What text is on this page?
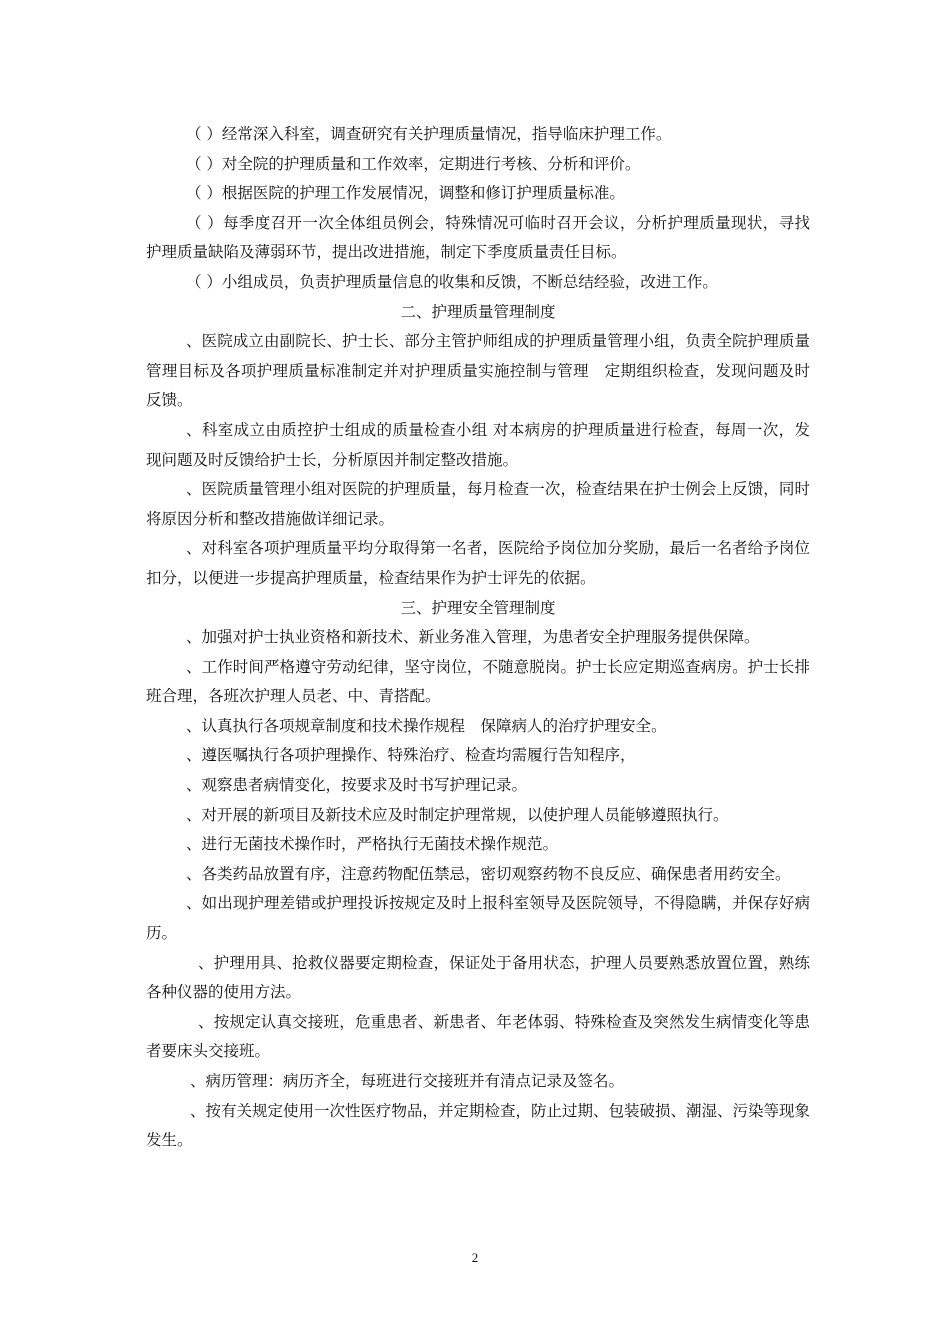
（ ）经常深入科室，调查研究有关护理质量情况，指导临床护理工作。

（ ）对全院的护理质量和工作效率，定期进行考核、分析和评价。

（ ）根据医院的护理工作发展情况，调整和修订护理质量标准。

（ ）每季度召开一次全体组员例会，特殊情况可临时召开会议，分析护理质量现状，寻找护理质量缺陷及薄弱环节，提出改进措施，制定下季度质量责任目标。

（ ）小组成员，负责护理质量信息的收集和反馈，不断总结经验，改进工作。

二、护理质量管理制度

、医院成立由副院长、护士长、部分主管护师组成的护理质量管理小组，负责全院护理质量管理目标及各项护理质量标准制定并对护理质量实施控制与管理　定期组织检查，发现问题及时反馈。

、科室成立由质控护士组成的质量检查小组 对本病房的护理质量进行检查，每周一次，发现问题及时反馈给护士长，分析原因并制定整改措施。

、医院质量管理小组对医院的护理质量，每月检查一次，检查结果在护士例会上反馈，同时将原因分析和整改措施做详细记录。

、对科室各项护理质量平均分取得第一名者，医院给予岗位加分奖励，最后一名者给予岗位扣分，以便进一步提高护理质量，检查结果作为护士评先的依据。

三、护理安全管理制度

、加强对护士执业资格和新技术、新业务准入管理，为患者安全护理服务提供保障。

、工作时间严格遵守劳动纪律，坚守岗位，不随意脱岗。护士长应定期巡查病房。护士长排班合理，各班次护理人员老、中、青搭配。

、认真执行各项规章制度和技术操作规程　保障病人的治疗护理安全。

、遵医嘱执行各项护理操作、特殊治疗、检查均需履行告知程序，

、观察患者病情变化，按要求及时书写护理记录。

、对开展的新项目及新技术应及时制定护理常规，以使护理人员能够遵照执行。

、进行无菌技术操作时，严格执行无菌技术操作规范。

、各类药品放置有序，注意药物配伍禁忌，密切观察药物不良反应、确保患者用药安全。

、如出现护理差错或护理投诉按规定及时上报科室领导及医院领导，不得隐瞒，并保存好病历。

、护理用具、抢救仪器要定期检查，保证处于备用状态，护理人员要熟悉放置位置，熟练各种仪器的使用方法。

、按规定认真交接班，危重患者、新患者、年老体弱、特殊检查及突然发生病情变化等患者要床头交接班。

、病历管理：病历齐全，每班进行交接班并有清点记录及签名。

、按有关规定使用一次性医疗物品，并定期检查，防止过期、包装破损、潮湿、污染等现象发生。

2
